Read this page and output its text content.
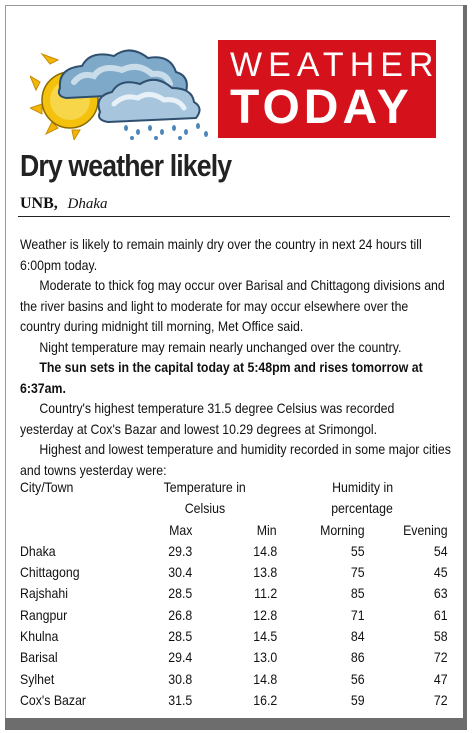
WEATHER
TODAY
Dry weather likely
UNB, Dhaka

Weather is likely to remain mainly dry over the country in next 24 hours till 6:00pm today.

Moderate to thick fog may occur over Barisal and Chittagong divisions and the river basins and light to moderate for may occur elsewhere over the country during midnight till morning, Met Office said.

Night temperature may remain nearly unchanged over the country.

The sun sets in the capital today at 5:48pm and rises tomorrow at 6:37am.

Country's highest temperature 31.5 degree Celsius was recorded yesterday at Cox's Bazar and lowest 10.29 degrees at Srimongol.

Highest and lowest temperature and humidity recorded in some major cities and towns yesterday were:

City/Town	Temperature in		Humidity in	
	Celsius		percentage	
	Max	Min	Morning	Evening
Dhaka	29.3	14.8	55	54
Chittagong	30.4	13.8	75	45
Rajshahi	28.5	11.2	85	63
Rangpur	26.8	12.8	71	61
Khulna	28.5	14.5	84	58
Barisal	29.4	13.0	86	72
Sylhet	30.8	14.8	56	47
Cox's Bazar	31.5	16.2	59	72
